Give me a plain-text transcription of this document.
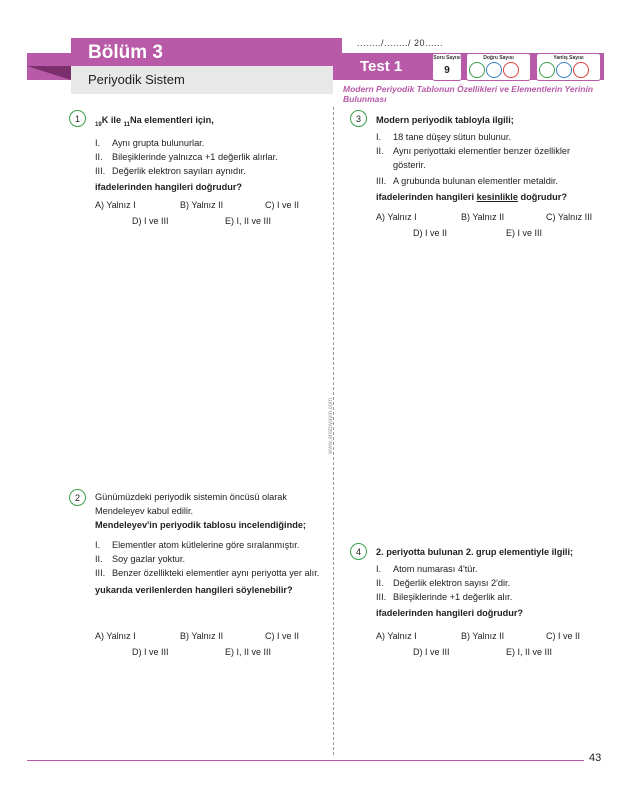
Bölüm 3
Periyodik Sistem
Test 1
......../......../ 20......
Soru Sayısı
9
Doğru Sayısı	Yanlış Sayısı
Modern Periyodik Tablonun Özellikleri ve Elementlerin Yerinin Bulunması
www.aristoyayin.com
1
$_{19}$K ile $_{11}$Na elementleri için,
I.	Aynı grupta bulunurlar.
II.	Bileşiklerinde yalnızca +1 değerlik alırlar.
III. Değerlik elektron sayıları aynıdır.
ifadelerinden hangileri doğrudur?
A) Yalnız I	B) Yalnız II	C) I ve II
D) I ve III	E) I, II ve III
2	Günümüzdeki periyodik sistemin öncüsü olarak Mendeleyev kabul edilir.
Mendeleyev'in periyodik tablosu incelendiğinde;
I.	Elementler atom kütlelerine göre sıralanmıştır.
II.	Soy gazlar yoktur.
III. Benzer özellikteki elementler aynı periyotta yer alır.
yukarıda verilenlerden hangileri söylenebilir?
A) Yalnız I	B) Yalnız II	C) I ve II
D) I ve III	E) I, II ve III
3	Modern periyodik tabloyla ilgili;
I.	18 tane düşey sütun bulunur.
II.	Aynı periyottaki elementler benzer özellikler gösterir.
III. A grubunda bulunan elementler metaldir.
ifadelerinden hangileri kesinlikle doğrudur?
A) Yalnız I	B) Yalnız II	C) Yalnız III
D) I ve II	E) I ve III
4	2. periyotta bulunan 2. grup elementiyle ilgili;
I.	Atom numarası 4'tür.
II.	Değerlik elektron sayısı 2'dir.
III. Bileşiklerinde +1 değerlik alır.
ifadelerinden hangileri doğrudur?
A) Yalnız I	B) Yalnız II	C) I ve II
D) I ve III	E) I, II ve III
43
